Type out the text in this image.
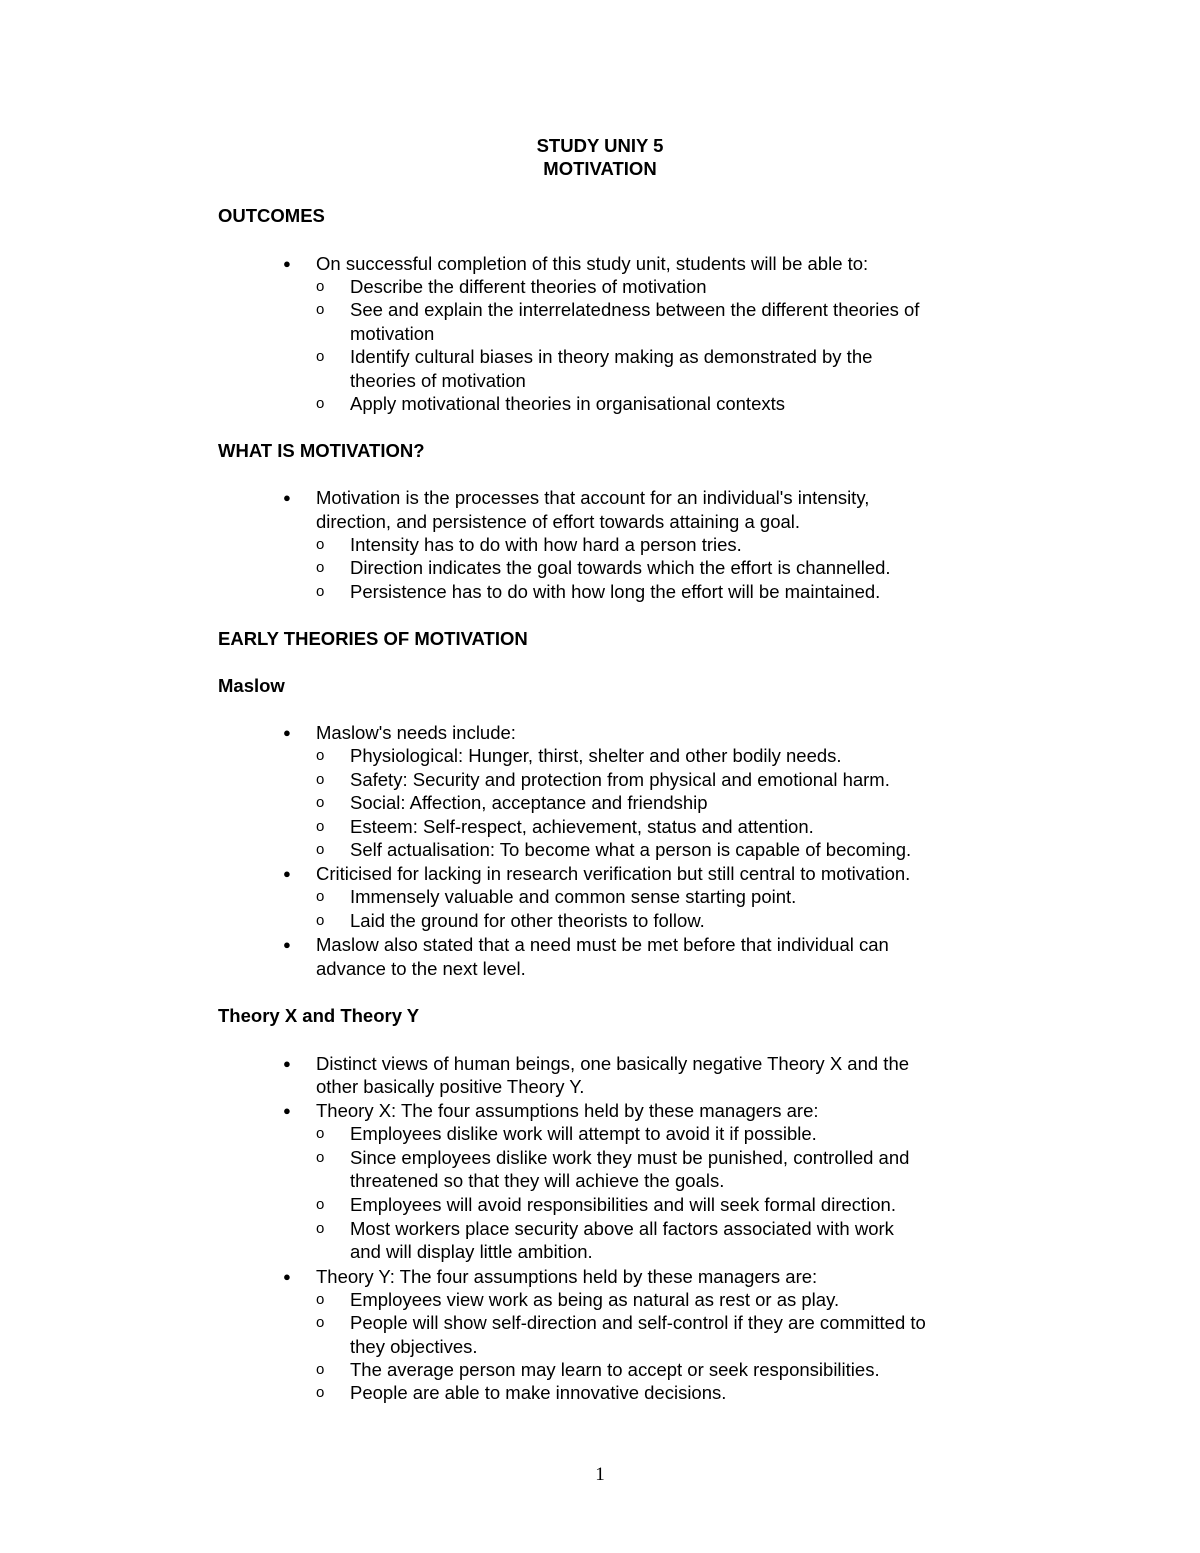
STUDY UNIY 5
MOTIVATION
OUTCOMES
● On successful completion of this study unit, students will be able to:
o Describe the different theories of motivation
o See and explain the interrelatedness between the different theories of
motivation
o Identify cultural biases in theory making as demonstrated by the
theories of motivation
o Apply motivational theories in organisational contexts
WHAT IS MOTIVATION?
● Motivation is the processes that account for an individual's intensity,
direction, and persistence of effort towards attaining a goal.
o Intensity has to do with how hard a person tries.
o Direction indicates the goal towards which the effort is channelled.
o Persistence has to do with how long the effort will be maintained.
EARLY THEORIES OF MOTIVATION
Maslow
● Maslow's needs include:
o Physiological: Hunger, thirst, shelter and other bodily needs.
o Safety: Security and protection from physical and emotional harm.
o Social: Affection, acceptance and friendship
o Esteem: Self-respect, achievement, status and attention.
o Self actualisation: To become what a person is capable of becoming.
● Criticised for lacking in research verification but still central to motivation.
o Immensely valuable and common sense starting point.
o Laid the ground for other theorists to follow.
● Maslow also stated that a need must be met before that individual can
advance to the next level.
Theory X and Theory Y
● Distinct views of human beings, one basically negative Theory X and the
other basically positive Theory Y.
● Theory X: The four assumptions held by these managers are:
o Employees dislike work will attempt to avoid it if possible.
o Since employees dislike work they must be punished, controlled and
threatened so that they will achieve the goals.
o Employees will avoid responsibilities and will seek formal direction.
o Most workers place security above all factors associated with work
and will display little ambition.
● Theory Y: The four assumptions held by these managers are:
o Employees view work as being as natural as rest or as play.
o People will show self-direction and self-control if they are committed to
they objectives.
o The average person may learn to accept or seek responsibilities.
o People are able to make innovative decisions.
1
